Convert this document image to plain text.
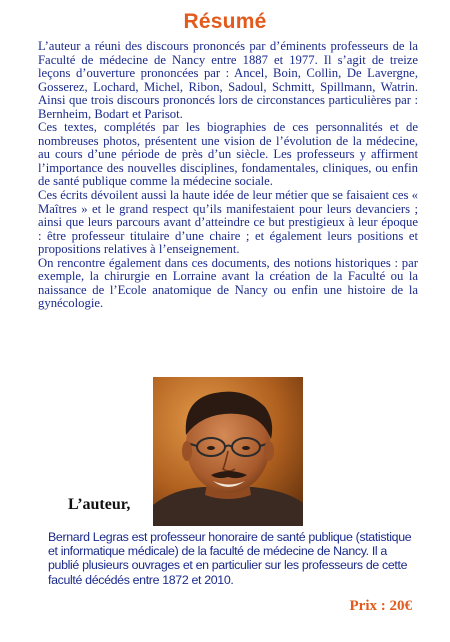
Résumé

L’auteur a réuni des discours prononcés par d’éminents professeurs de la Faculté de médecine de Nancy entre 1887 et 1977. Il s’agit de treize leçons d’ouverture prononcées par : Ancel, Boin, Collin, De Lavergne, Gosserez, Lochard, Michel, Ribon, Sadoul, Schmitt, Spillmann, Watrin. Ainsi que trois discours prononcés lors de circonstances particulières par : Bernheim, Bodart et Parisot.

Ces textes, complétés par les biographies de ces personnalités et de nombreuses photos, présentent une vision de l’évolution de la médecine, au cours d’une période de près d’un siècle. Les professeurs y affirment l’importance des nouvelles disciplines, fondamentales, cliniques, ou enfin de santé publique comme la médecine sociale.

Ces écrits dévoilent aussi la haute idée de leur métier que se faisaient ces « Maîtres » et le grand respect qu’ils manifestaient pour leurs devanciers ; ainsi que leurs parcours avant d’atteindre ce but prestigieux à leur époque : être professeur titulaire d’une chaire ; et également leurs positions et propositions relatives à l’enseignement.

On rencontre également dans ces documents, des notions historiques : par exemple, la chirurgie en Lorraine avant la création de la Faculté ou la naissance de l’Ecole anatomique de Nancy ou enfin une histoire de la gynécologie.

L’auteur,
Bernard Legras est professeur honoraire de santé publique (statistique et informatique médicale) de la faculté de médecine de Nancy. Il a publié plusieurs ouvrages et en particulier sur les professeurs de cette faculté décédés entre 1872 et 2010.
Prix : 20€
